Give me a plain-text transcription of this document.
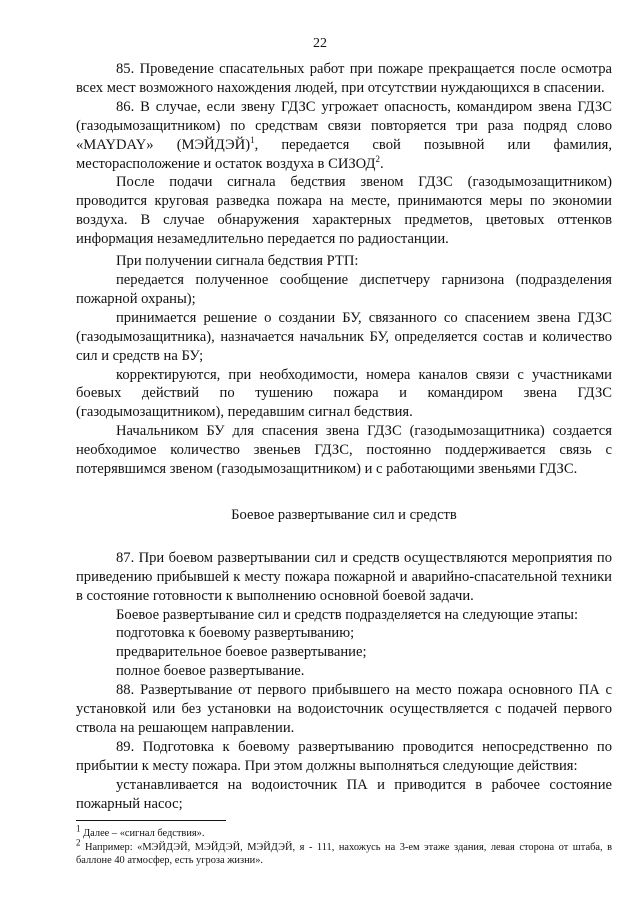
22

85. Проведение спасательных работ при пожаре прекращается после осмотра всех мест возможного нахождения людей, при отсутствии нуждающихся в спасении.

86. В случае, если звену ГДЗС угрожает опасность, командиром звена ГДЗС (газодымозащитником) по средствам связи повторяется три раза подряд слово «MAYDAY» (МЭЙДЭЙ)$^1$, передается свой позывной или фамилия, месторасположение и остаток воздуха в СИЗОД$^2$.

После подачи сигнала бедствия звеном ГДЗС (газодымозащитником) проводится круговая разведка пожара на месте, принимаются меры по экономии воздуха. В случае обнаружения характерных предметов, цветовых оттенков информация незамедлительно передается по радиостанции.

При получении сигнала бедствия РТП:

передается полученное сообщение диспетчеру гарнизона (подразделения пожарной охраны);

принимается решение о создании БУ, связанного со спасением звена ГДЗС (газодымозащитника), назначается начальник БУ, определяется состав и количество сил и средств на БУ;

корректируются, при необходимости, номера каналов связи с участниками боевых действий по тушению пожара и командиром звена ГДЗС (газодымозащитником), передавшим сигнал бедствия.

Начальником БУ для спасения звена ГДЗС (газодымозащитника) создается необходимое количество звеньев ГДЗС, постоянно поддерживается связь с потерявшимся звеном (газодымозащитником) и с работающими звеньями ГДЗС.

Боевое развертывание сил и средств

87. При боевом развертывании сил и средств осуществляются мероприятия по приведению прибывшей к месту пожара пожарной и аварийно-спасательной техники в состояние готовности к выполнению основной боевой задачи.

Боевое развертывание сил и средств подразделяется на следующие этапы:

подготовка к боевому развертыванию;

предварительное боевое развертывание;

полное боевое развертывание.

88. Развертывание от первого прибывшего на место пожара основного ПА с установкой или без установки на водоисточник осуществляется с подачей первого ствола на решающем направлении.

89. Подготовка к боевому развертыванию проводится непосредственно по прибытии к месту пожара. При этом должны выполняться следующие действия:

устанавливается на водоисточник ПА и приводится в рабочее состояние пожарный насос;

$^1$ Далее – «сигнал бедствия».

$^2$ Например: «МЭЙДЭЙ, МЭЙДЭЙ, МЭЙДЭЙ, я - 111, нахожусь на 3-ем этаже здания, левая сторона от штаба, в баллоне 40 атмосфер, есть угроза жизни».
